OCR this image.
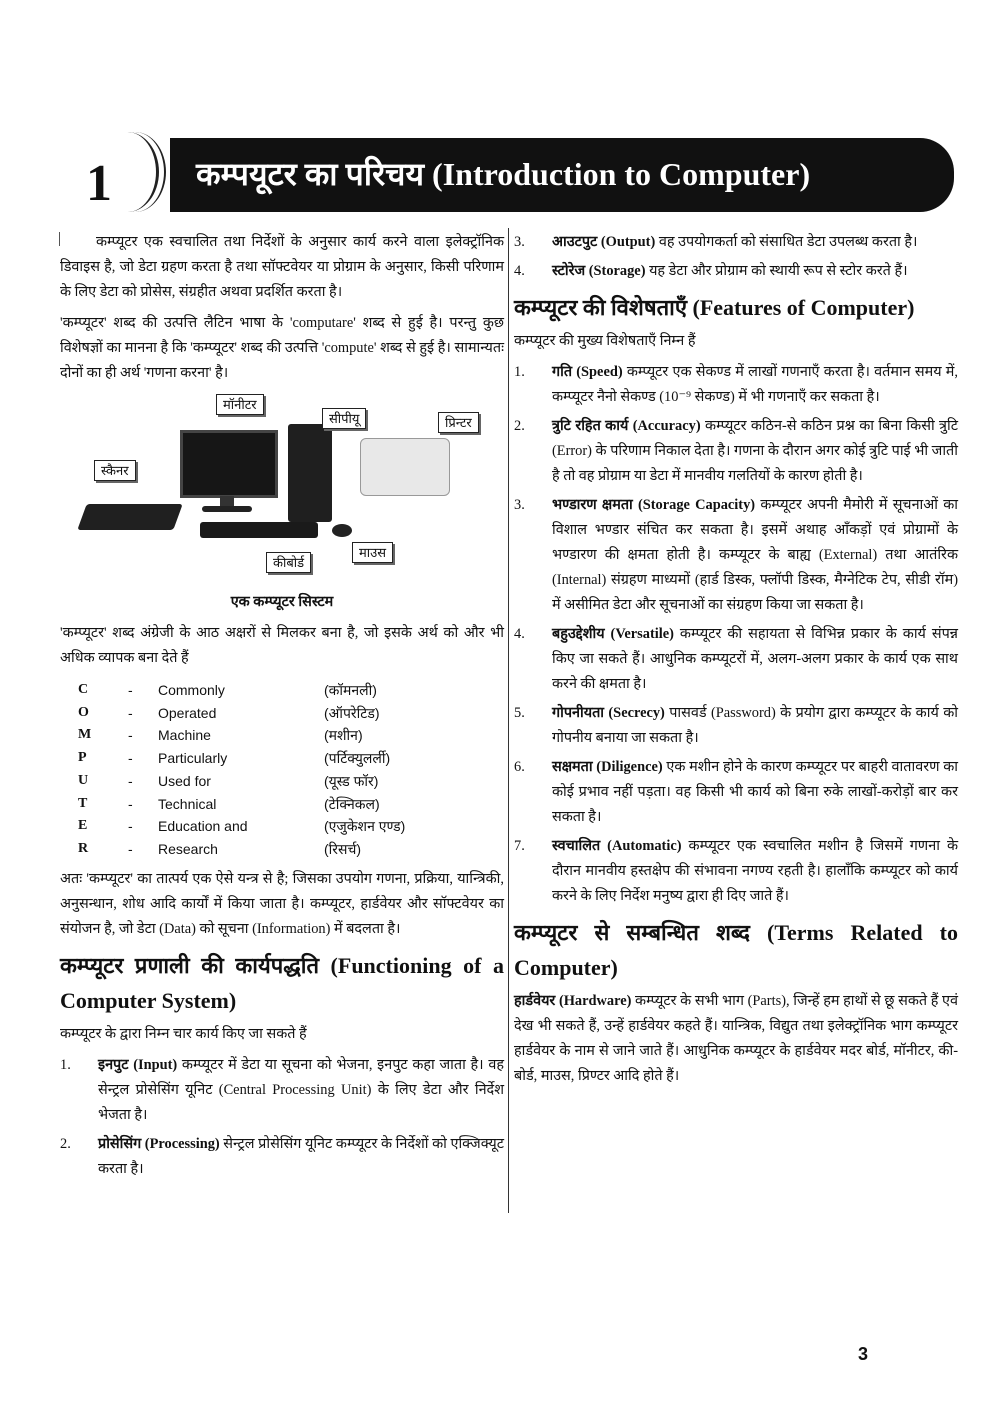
1	कम्पयूटर का परिचय (Introduction to Computer)

कम्प्यूटर एक स्वचालित तथा निर्देशों के अनुसार कार्य करने वाला इलेक्ट्रॉनिक डिवाइस है, जो डेटा ग्रहण करता है तथा सॉफ्टवेयर या प्रोग्राम के अनुसार, किसी परिणाम के लिए डेटा को प्रोसेस, संग्रहीत अथवा प्रदर्शित करता है।

'कम्प्यूटर' शब्द की उत्पत्ति लैटिन भाषा के 'computare' शब्द से हुई है। परन्तु कुछ विशेषज्ञों का मानना है कि 'कम्प्यूटर' शब्द की उत्पत्ति 'compute' शब्द से हुई है। सामान्यतः दोनों का ही अर्थ 'गणना करना' है।

मॉनीटर
सीपीयू	प्रिन्टर
स्कैनर
कीबोर्ड
माउस
एक कम्प्यूटर सिस्टम

'कम्प्यूटर' शब्द अंग्रेजी के आठ अक्षरों से मिलकर बना है, जो इसके अर्थ को और भी अधिक व्यापक बना देते हैं

C	-	Commonly	(कॉमनली)
O	-	Operated	(ऑपरेटिड)
M	-	Machine	(मशीन)
P	-	Particularly	(पर्टिक्युलर्ली)
U	-	Used for	(यूस्ड फॉर)
T	-	Technical	(टेक्निकल)
E	-	Education and	(एजुकेशन एण्ड)
R	-	Research	(रिसर्च)

अतः 'कम्प्यूटर' का तात्पर्य एक ऐसे यन्त्र से है; जिसका उपयोग गणना, प्रक्रिया, यान्त्रिकी, अनुसन्धान, शोध आदि कार्यों में किया जाता है। कम्प्यूटर, हार्डवेयर और सॉफ्टवेयर का संयोजन है, जो डेटा (Data) को सूचना (Information) में बदलता है।

कम्प्यूटर प्रणाली की कार्यपद्धति (Functioning of a Computer System)

कम्प्यूटर के द्वारा निम्न चार कार्य किए जा सकते हैं

1.	इनपुट (Input) कम्प्यूटर में डेटा या सूचना को भेजना, इनपुट कहा जाता है। वह सेन्ट्रल प्रोसेसिंग यूनिट (Central Processing Unit) के लिए डेटा और निर्देश भेजता है।
2.	प्रोसेसिंग (Processing) सेन्ट्रल प्रोसेसिंग यूनिट कम्प्यूटर के निर्देशों को एक्जिक्यूट करता है।
3.	आउटपुट (Output) वह उपयोगकर्ता को संसाधित डेटा उपलब्ध करता है।
4.	स्टोरेज (Storage) यह डेटा और प्रोग्राम को स्थायी रूप से स्टोर करते हैं।
कम्प्यूटर की विशेषताएँ (Features of Computer)

कम्प्यूटर की मुख्य विशेषताएँ निम्न हैं

1.	गति (Speed) कम्प्यूटर एक सेकण्ड में लाखों गणनाएँ करता है। वर्तमान समय में, कम्प्यूटर नैनो सेकण्ड (10⁻⁹ सेकण्ड) में भी गणनाएँ कर सकता है।
2.	त्रुटि रहित कार्य (Accuracy) कम्प्यूटर कठिन-से कठिन प्रश्न का बिना किसी त्रुटि (Error) के परिणाम निकाल देता है। गणना के दौरान अगर कोई त्रुटि पाई भी जाती है तो वह प्रोग्राम या डेटा में मानवीय गलतियों के कारण होती है।
3.	भण्डारण क्षमता (Storage Capacity) कम्प्यूटर अपनी मैमोरी में सूचनाओं का विशाल भण्डार संचित कर सकता है। इसमें अथाह आँकड़ों एवं प्रोग्रामों के भण्डारण की क्षमता होती है। कम्प्यूटर के बाह्य (External) तथा आतंरिक (Internal) संग्रहण माध्यमों (हार्ड डिस्क, फ्लॉपी डिस्क, मैग्नेटिक टेप, सीडी रॉम) में असीमित डेटा और सूचनाओं का संग्रहण किया जा सकता है।
4.	बहुउद्देशीय (Versatile) कम्प्यूटर की सहायता से विभिन्न प्रकार के कार्य संपन्न किए जा सकते हैं। आधुनिक कम्प्यूटरों में, अलग-अलग प्रकार के कार्य एक साथ करने की क्षमता है।
5.	गोपनीयता (Secrecy) पासवर्ड (Password) के प्रयोग द्वारा कम्प्यूटर के कार्य को गोपनीय बनाया जा सकता है।
6.	सक्षमता (Diligence) एक मशीन होने के कारण कम्प्यूटर पर बाहरी वातावरण का कोई प्रभाव नहीं पड़ता। वह किसी भी कार्य को बिना रुके लाखों-करोड़ों बार कर सकता है।
7.	स्वचालित (Automatic) कम्प्यूटर एक स्वचालित मशीन है जिसमें गणना के दौरान मानवीय हस्तक्षेप की संभावना नगण्य रहती है। हालाँकि कम्प्यूटर को कार्य करने के लिए निर्देश मनुष्य द्वारा ही दिए जाते हैं।
कम्प्यूटर से सम्बन्धित शब्द (Terms Related to Computer)

हार्डवेयर (Hardware) कम्प्यूटर के सभी भाग (Parts), जिन्हें हम हाथों से छू सकते हैं एवं देख भी सकते हैं, उन्हें हार्डवेयर कहते हैं। यान्त्रिक, विद्युत तथा इलेक्ट्रॉनिक भाग कम्प्यूटर हार्डवेयर के नाम से जाने जाते हैं। आधुनिक कम्प्यूटर के हार्डवेयर मदर बोर्ड, मॉनीटर, की-बोर्ड, माउस, प्रिण्टर आदि होते हैं।

3
